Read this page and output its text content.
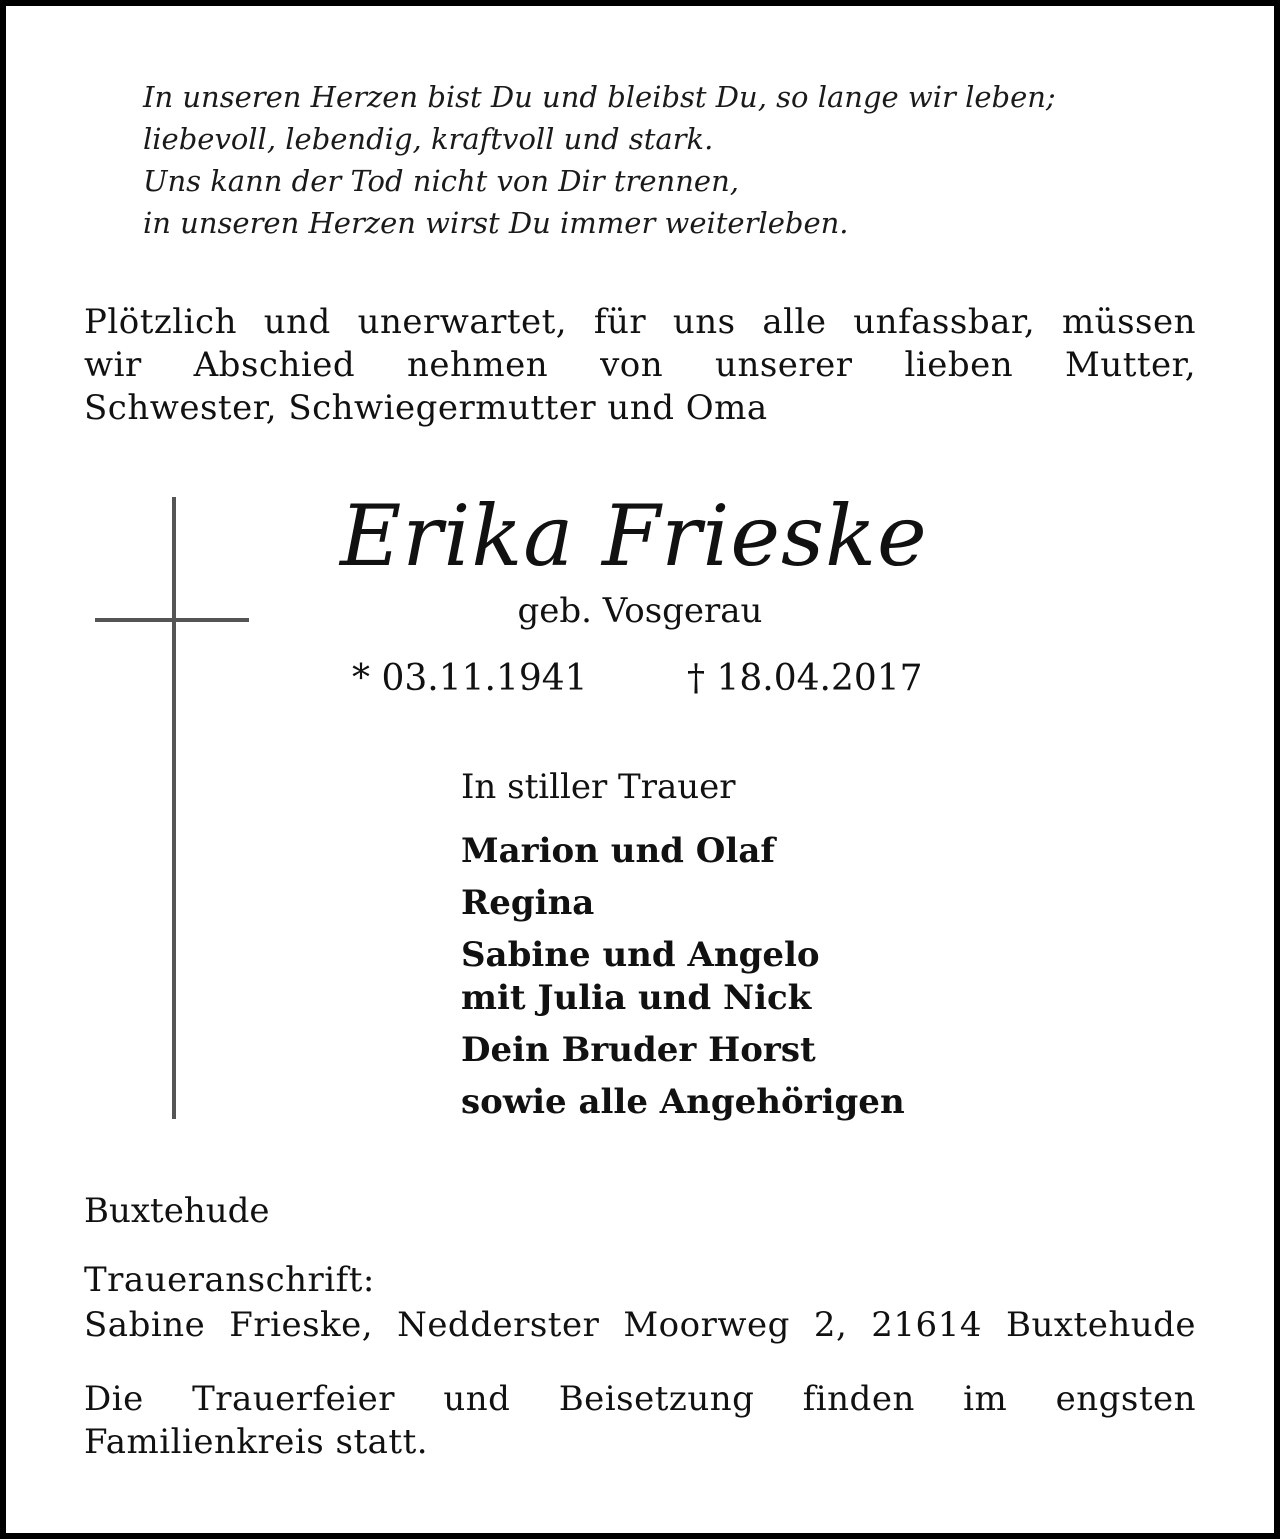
In unseren Herzen bist Du und bleibst Du, so lange wir leben;
liebevoll, lebendig, kraftvoll und stark.
Uns kann der Tod nicht von Dir trennen,
in unseren Herzen wirst Du immer weiterleben.
Plötzlich und unerwartet, für uns alle unfassbar, müssen
wir Abschied nehmen von unserer lieben Mutter,
Schwester, Schwiegermutter und Oma
Erika Frieske
geb. Vosgerau
* 03.11.1941	† 18.04.2017
In stiller Trauer
Marion und Olaf
Regina
Sabine und Angelo
mit Julia und Nick
Dein Bruder Horst
sowie alle Angehörigen
Buxtehude
Traueranschrift:
Sabine Frieske, Nedderster Moorweg 2, 21614 Buxtehude
Die Trauerfeier und Beisetzung finden im engsten
Familienkreis statt.
